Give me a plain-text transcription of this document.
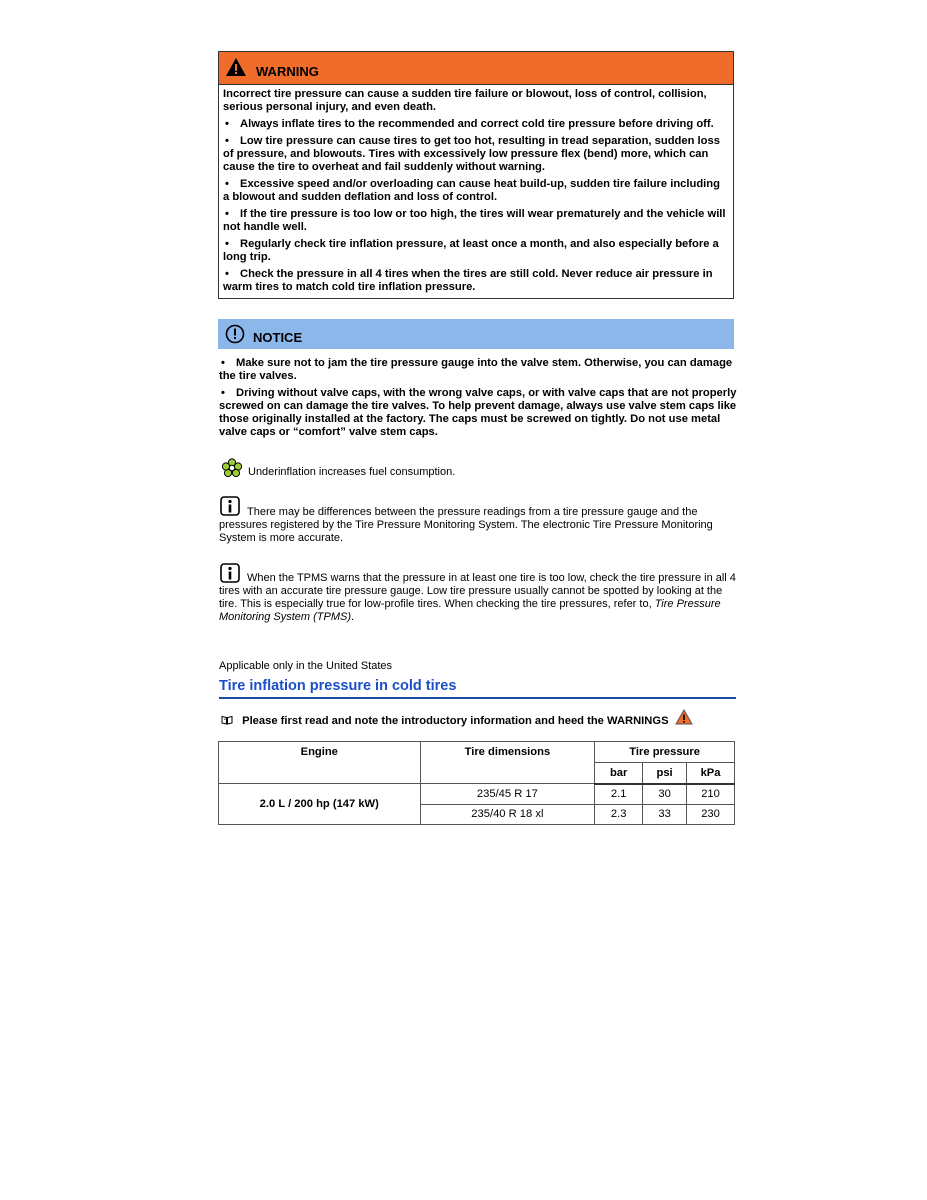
WARNING

Incorrect tire pressure can cause a sudden tire failure or blowout, loss of control, collision, serious personal injury, and even death.

• Always inflate tires to the recommended and correct cold tire pressure before driving off.

• Low tire pressure can cause tires to get too hot, resulting in tread separation, sudden loss of pressure, and blowouts. Tires with excessively low pressure flex (bend) more, which can cause the tire to overheat and fail suddenly without warning.

• Excessive speed and/or overloading can cause heat build-up, sudden tire failure including a blowout and sudden deflation and loss of control.

• If the tire pressure is too low or too high, the tires will wear prematurely and the vehicle will not handle well.

• Regularly check tire inflation pressure, at least once a month, and also especially before a long trip.

• Check the pressure in all 4 tires when the tires are still cold. Never reduce air pressure in warm tires to match cold tire inflation pressure.

NOTICE

• Make sure not to jam the tire pressure gauge into the valve stem. Otherwise, you can damage the tire valves.

• Driving without valve caps, with the wrong valve caps, or with valve caps that are not properly screwed on can damage the tire valves. To help prevent damage, always use valve stem caps like those originally installed at the factory. The caps must be screwed on tightly. Do not use metal valve caps or “comfort” valve stem caps.

Underinflation increases fuel consumption.
There may be differences between the pressure readings from a tire pressure gauge and the pressures registered by the Tire Pressure Monitoring System. The electronic Tire Pressure Monitoring System is more accurate.
When the TPMS warns that the pressure in at least one tire is too low, check the tire pressure in all 4 tires with an accurate tire pressure gauge. Low tire pressure usually cannot be spotted by looking at the tire. This is especially true for low-profile tires. When checking the tire pressures, refer to, Tire Pressure Monitoring System (TPMS).
Applicable only in the United States
Tire inflation pressure in cold tires
Please first read and note the introductory information and heed the WARNINGS
Engine	Tire dimensions	Tire pressure		
		bar	psi	kPa
2.0 L / 200 hp (147 kW)	235/45 R 17	2.1	30	210
	235/40 R 18 xl	2.3	33	230
